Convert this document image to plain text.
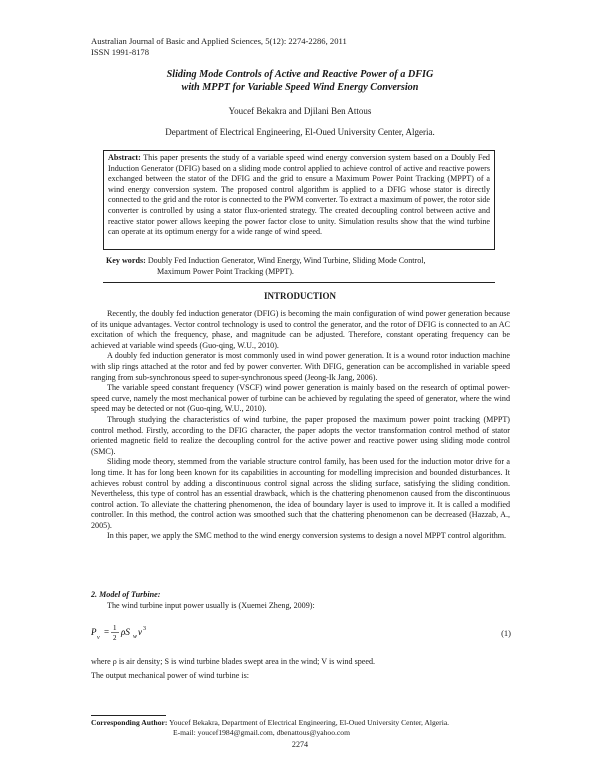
Australian Journal of Basic and Applied Sciences, 5(12): 2274-2286, 2011
ISSN 1991-8178
Sliding Mode Controls of Active and Reactive Power of a DFIG
with MPPT for Variable Speed Wind Energy Conversion
Youcef Bekakra and Djilani Ben Attous
Department of Electrical Engineering, El-Oued University Center, Algeria.
Abstract: This paper presents the study of a variable speed wind energy conversion system based on a Doubly Fed Induction Generator (DFIG) based on a sliding mode control applied to achieve control of active and reactive powers exchanged between the stator of the DFIG and the grid to ensure a Maximum Power Point Tracking (MPPT) of a wind energy conversion system. The proposed control algorithm is applied to a DFIG whose stator is directly connected to the grid and the rotor is connected to the PWM converter. To extract a maximum of power, the rotor side converter is controlled by using a stator flux-oriented strategy. The created decoupling control between active and reactive stator power allows keeping the power factor close to unity. Simulation results show that the wind turbine can operate at its optimum energy for a wide range of wind speed.
Key words: Doubly Fed Induction Generator, Wind Energy, Wind Turbine, Sliding Mode Control,
Maximum Power Point Tracking (MPPT).
INTRODUCTION

Recently, the doubly fed induction generator (DFIG) is becoming the main configuration of wind power generation because of its unique advantages. Vector control technology is used to control the generator, and the rotor of DFIG is connected to an AC excitation of which the frequency, phase, and magnitude can be adjusted. Therefore, constant operating frequency can be achieved at variable wind speeds (Guo-qing, W.U., 2010).

A doubly fed induction generator is most commonly used in wind power generation. It is a wound rotor induction machine with slip rings attached at the rotor and fed by power converter. With DFIG, generation can be accomplished in variable speed ranging from sub-synchronous speed to super-synchronous speed (Jeong-Ik Jang, 2006).

The variable speed constant frequency (VSCF) wind power generation is mainly based on the research of optimal power-speed curve, namely the most mechanical power of turbine can be achieved by regulating the speed of generator, where the wind speed may be detected or not (Guo-qing, W.U., 2010).

Through studying the characteristics of wind turbine, the paper proposed the maximum power point tracking (MPPT) control method. Firstly, according to the DFIG character, the paper adopts the vector transformation control method of stator oriented magnetic field to realize the decoupling control for the active power and reactive power using sliding mode control (SMC).

Sliding mode theory, stemmed from the variable structure control family, has been used for the induction motor drive for a long time. It has for long been known for its capabilities in accounting for modelling imprecision and bounded disturbances. It achieves robust control by adding a discontinuous control signal across the sliding surface, satisfying the sliding condition. Nevertheless, this type of control has an essential drawback, which is the chattering phenomenon caused from the discontinuous control action. To alleviate the chattering phenomenon, the idea of boundary layer is used to improve it. It is called a modified controller. In this method, the control action was smoothed such that the chattering phenomenon can be decreased (Hazzab, A., 2005).

In this paper, we apply the SMC method to the wind energy conversion systems to design a novel MPPT control algorithm.

2. Model of Turbine:
The wind turbine input power usually is (Xuemei Zheng, 2009):
P
v
= 1
2
ρS w v 3	(1)
where ρ is air density; S is wind turbine blades swept area in the wind; V is wind speed.
The output mechanical power of wind turbine is:
Corresponding Author: Youcef Bekakra, Department of Electrical Engineering, El-Oued University Center, Algeria.
E-mail: youcef1984@gmail.com, dbenattous@yahoo.com
2274
